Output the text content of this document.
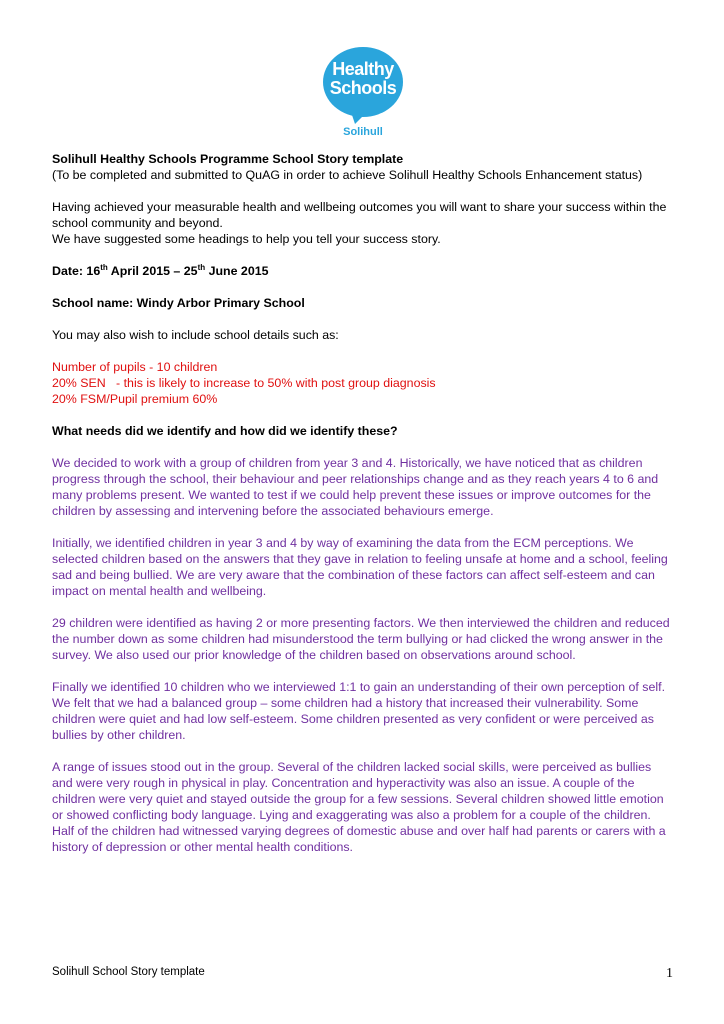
Healthy
Schools
Solihull

Solihull Healthy Schools Programme School Story template

(To be completed and submitted to QuAG in order to achieve Solihull Healthy Schools Enhancement status)

Having achieved your measurable health and wellbeing outcomes you will want to share your success within the school community and beyond.

We have suggested some headings to help you tell your success story.

Date: 16th April 2015 – 25th June 2015

School name: Windy Arbor Primary School

You may also wish to include school details such as:

Number of pupils - 10 children

20% SEN   - this is likely to increase to 50% with post group diagnosis

20% FSM/Pupil premium 60%

What needs did we identify and how did we identify these?

We decided to work with a group of children from year 3 and 4. Historically, we have noticed that as children progress through the school, their behaviour and peer relationships change and as they reach years 4 to 6 and many problems present. We wanted to test if we could help prevent these issues or improve outcomes for the children by assessing and intervening before the associated behaviours emerge.

Initially, we identified children in year 3 and 4 by way of examining the data from the ECM perceptions. We selected children based on the answers that they gave in relation to feeling unsafe at home and a school, feeling sad and being bullied. We are very aware that the combination of these factors can affect self-esteem and can impact on mental health and wellbeing.

29 children were identified as having 2 or more presenting factors. We then interviewed the children and reduced the number down as some children had misunderstood the term bullying or had clicked the wrong answer in the survey. We also used our prior knowledge of the children based on observations around school.

Finally we identified 10 children who we interviewed 1:1 to gain an understanding of their own perception of self. We felt that we had a balanced group – some children had a history that increased their vulnerability. Some children were quiet and had low self-esteem. Some children presented as very confident or were perceived as bullies by other children.

A range of issues stood out in the group. Several of the children lacked social skills, were perceived as bullies and were very rough in physical in play. Concentration and hyperactivity was also an issue. A couple of the children were very quiet and stayed outside the group for a few sessions. Several children showed little emotion or showed conflicting body language. Lying and exaggerating was also a problem for a couple of the children. Half of the children had witnessed varying degrees of domestic abuse and over half had parents or carers with a history of depression or other mental health conditions.

Solihull School Story template	1
